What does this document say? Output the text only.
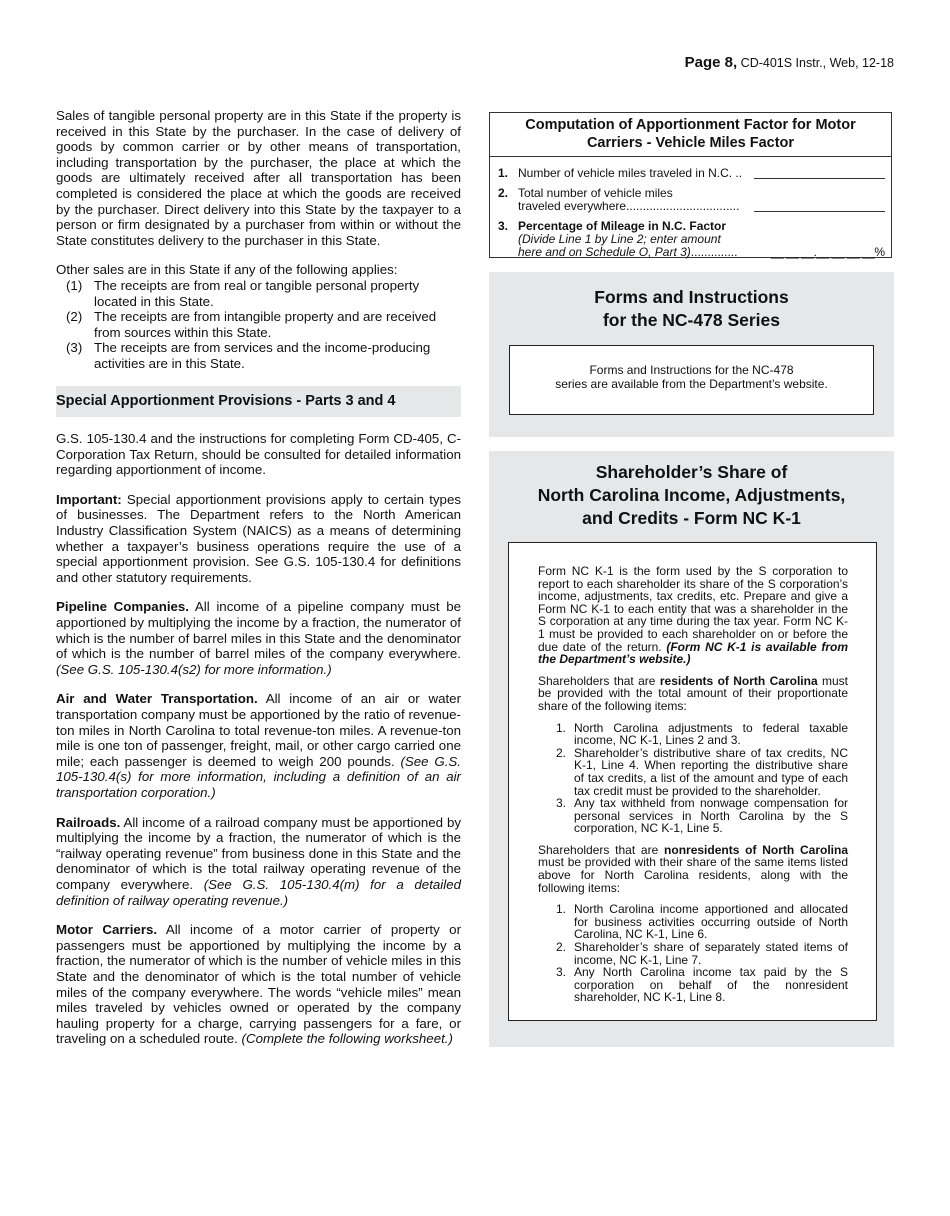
Page 8, CD-401S Instr., Web, 12-18

Sales of tangible personal property are in this State if the property is received in this State by the purchaser. In the case of delivery of goods by common carrier or by other means of transportation, including transportation by the purchaser, the place at which the goods are ultimately received after all transportation has been completed is considered the place at which the goods are received by the purchaser. Direct delivery into this State by the taxpayer to a person or firm designated by a purchaser from within or without the State constitutes delivery to the purchaser in this State.

Other sales are in this State if any of the following applies:

(1) The receipts are from real or tangible personal property located in this State.
(2) The receipts are from intangible property and are received from sources within this State.
(3) The receipts are from services and the income-producing activities are in this State.
Special Apportionment Provisions - Parts 3 and 4

G.S. 105-130.4 and the instructions for completing Form CD-405, C-Corporation Tax Return, should be consulted for detailed information regarding apportionment of income.

Important: Special apportionment provisions apply to certain types of businesses. The Department refers to the North American Industry Classification System (NAICS) as a means of determining whether a taxpayer’s business operations require the use of a special apportionment provision. See G.S. 105-130.4 for definitions and other statutory requirements.

Pipeline Companies. All income of a pipeline company must be apportioned by multiplying the income by a fraction, the numerator of which is the number of barrel miles in this State and the denominator of which is the number of barrel miles of the company everywhere. (See G.S. 105-130.4(s2) for more information.)

Air and Water Transportation. All income of an air or water transportation company must be apportioned by the ratio of revenue-ton miles in North Carolina to total revenue-ton miles. A revenue-ton mile is one ton of passenger, freight, mail, or other cargo carried one mile; each passenger is deemed to weigh 200 pounds. (See G.S. 105-130.4(s) for more information, including a definition of an air transportation corporation.)

Railroads. All income of a railroad company must be apportioned by multiplying the income by a fraction, the numerator of which is the “railway operating revenue” from business done in this State and the denominator of which is the total railway operating revenue of the company everywhere. (See G.S. 105-130.4(m) for a detailed definition of railway operating revenue.)

Motor Carriers. All income of a motor carrier of property or passengers must be apportioned by multiplying the income by a fraction, the numerator of which is the number of vehicle miles in this State and the denominator of which is the total number of vehicle miles of the company everywhere. The words “vehicle miles” mean miles traveled by vehicles owned or operated by the company hauling property for a charge, carrying passengers for a fare, or traveling on a scheduled route. (Complete the following worksheet.)

Computation of Apportionment Factor for Motor
Carriers - Vehicle Miles Factor
1. Number of vehicle miles traveled in N.C. ..
2. Total number of vehicle miles
traveled everywhere..................................
3. Percentage of Mileage in N.C. Factor
(Divide Line 1 by Line 2; enter amount
here and on Schedule O, Part 3)..............	__ __ __.__ __ __ __%
Forms and Instructions
for the NC-478 Series
Forms and Instructions for the NC-478
series are available from the Department’s website.
Shareholder’s Share of
North Carolina Income, Adjustments,
and Credits - Form NC K-1

Form NC K-1 is the form used by the S corporation to report to each shareholder its share of the S corporation’s income, adjustments, tax credits, etc. Prepare and give a Form NC K-1 to each entity that was a shareholder in the S corporation at any time during the tax year. Form NC K-1 must be provided to each shareholder on or before the due date of the return. (Form NC K-1 is available from the Department’s website.)

Shareholders that are residents of North Carolina must be provided with the total amount of their proportionate share of the following items:

1. North Carolina adjustments to federal taxable income, NC K-1, Lines 2 and 3.
2. Shareholder’s distributive share of tax credits, NC K-1, Line 4. When reporting the distributive share of tax credits, a list of the amount and type of each tax credit must be provided to the shareholder.
3. Any tax withheld from nonwage compensation for personal services in North Carolina by the S corporation, NC K-1, Line 5.

Shareholders that are nonresidents of North Carolina must be provided with their share of the same items listed above for North Carolina residents, along with the following items:

1. North Carolina income apportioned and allocated for business activities occurring outside of North Carolina, NC K-1, Line 6.
2. Shareholder’s share of separately stated items of income, NC K-1, Line 7.
3. Any North Carolina income tax paid by the S corporation on behalf of the nonresident shareholder, NC K-1, Line 8.
